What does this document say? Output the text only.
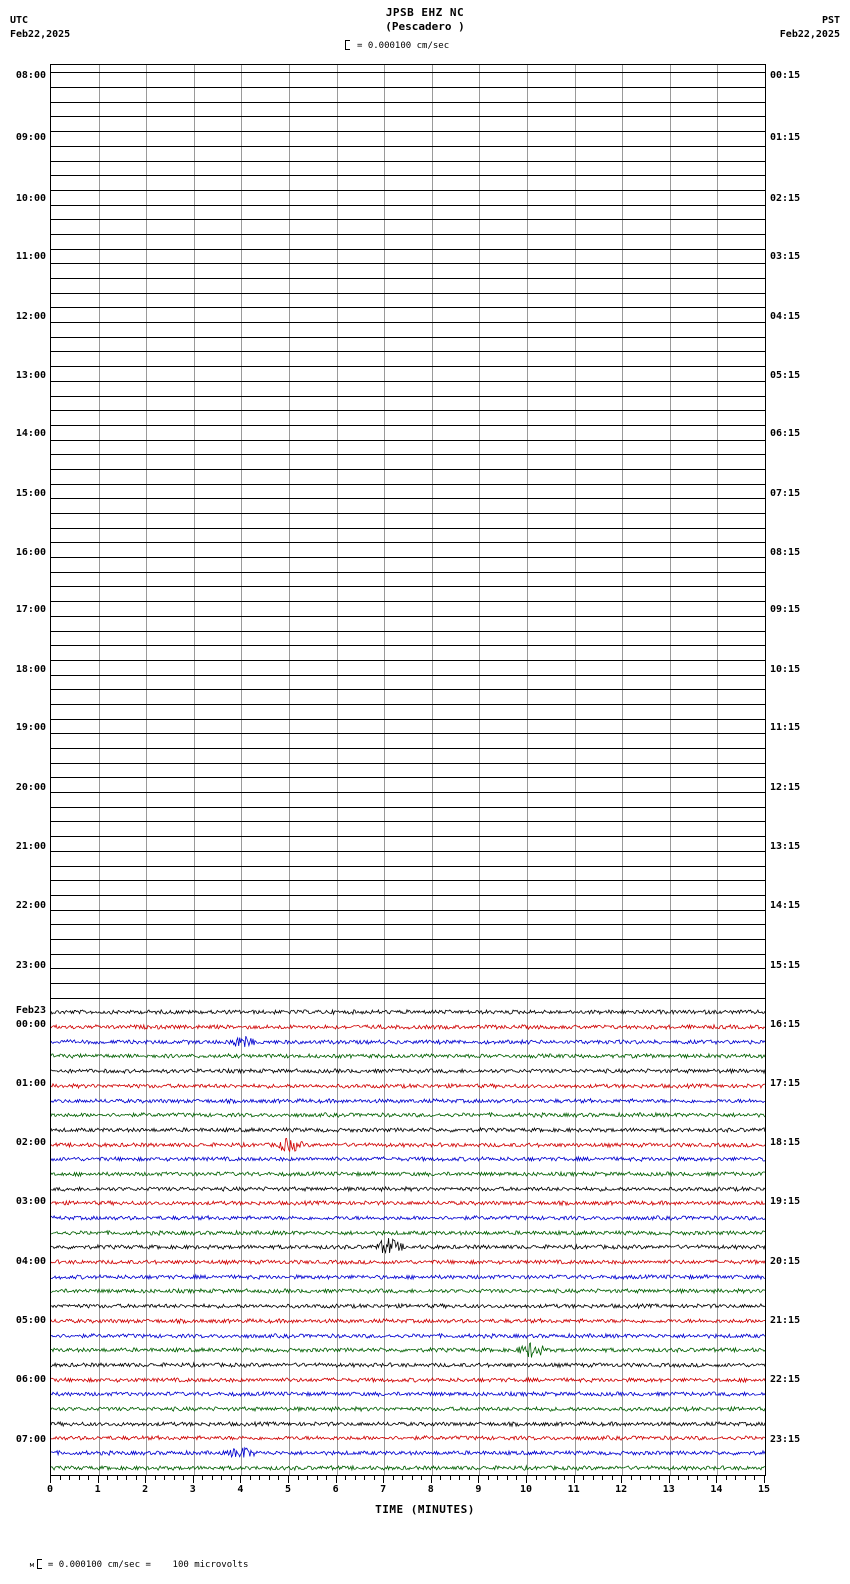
JPSB EHZ NC
(Pescadero )
= 0.000100 cm/sec
UTC
Feb22,2025
PST
Feb22,2025
08:00
09:00
10:00
11:00
12:00
13:00
14:00
15:00
16:00
17:00
18:00
19:00
20:00
21:00
22:00
23:00
Feb23
00:00
01:00
02:00
03:00
04:00
05:00
06:00
07:00
00:15
01:15
02:15
03:15
04:15
05:15
06:15
07:15
08:15
09:15
10:15
11:15
12:15
13:15
14:15
15:15
16:15
17:15
18:15
19:15
20:15
21:15
22:15
23:15
0	1	2	3	4	5	6	7	8	9	10	11	12	13	14	15
TIME (MINUTES)

м = 0.000100 cm/sec =    100 microvolts
